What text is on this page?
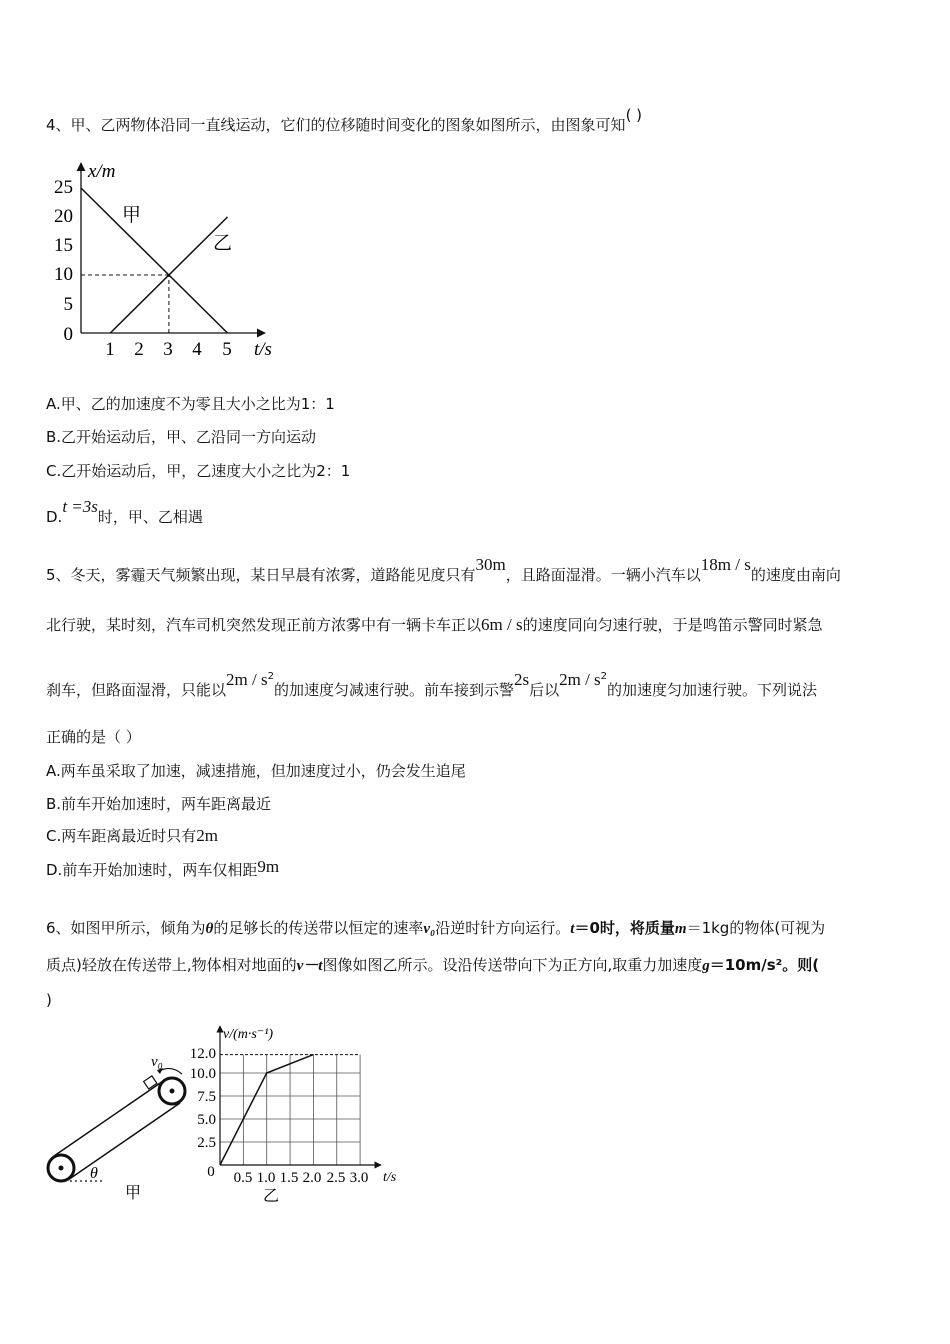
4、甲、乙两物体沿同一直线运动，它们的位移随时间变化的图象如图所示，由图象可知( )
x/m
t/s
25
20
15
10
5
0
1 2 3 4 5
甲
乙
A.甲、乙的加速度不为零且大小之比为1：1
B.乙开始运动后，甲、乙沿同一方向运动
C.乙开始运动后，甲，乙速度大小之比为2：1
D.t =3s时，甲、乙相遇
5、冬天，雾霾天气频繁出现，某日早晨有浓雾，道路能见度只有30m，且路面湿滑。一辆小汽车以18m / s的速度由南向
北行驶，某时刻，汽车司机突然发现正前方浓雾中有一辆卡车正以6m / s的速度同向匀速行驶，于是鸣笛示警同时紧急
刹车，但路面湿滑，只能以$2m / s^2$的加速度匀减速行驶。前车接到示警2s后以$2m / s^2$的加速度匀加速行驶。下列说法
正确的是（ ）
A.两车虽采取了加速，减速措施，但加速度过小，仍会发生追尾
B.前车开始加速时，两车距离最近
C.两车距离最近时只有2m
D.前车开始加速时，两车仅相距9m
6、如图甲所示，倾角为θ的足够长的传送带以恒定的速率v₀沿逆时针方向运行。t＝0时，将质量m＝1kg的物体(可视为
质点)轻放在传送带上,物体相对地面的v－t图像如图乙所示。设沿传送带向下为正方向,取重力加速度g＝10m/s²。则(
)
v₀
θ
甲
v/(m·s⁻¹)
t/s
0
12.0
10.0
7.5
5.0
2.5
0.5 1.0 1.5 2.0 2.5 3.0
乙
